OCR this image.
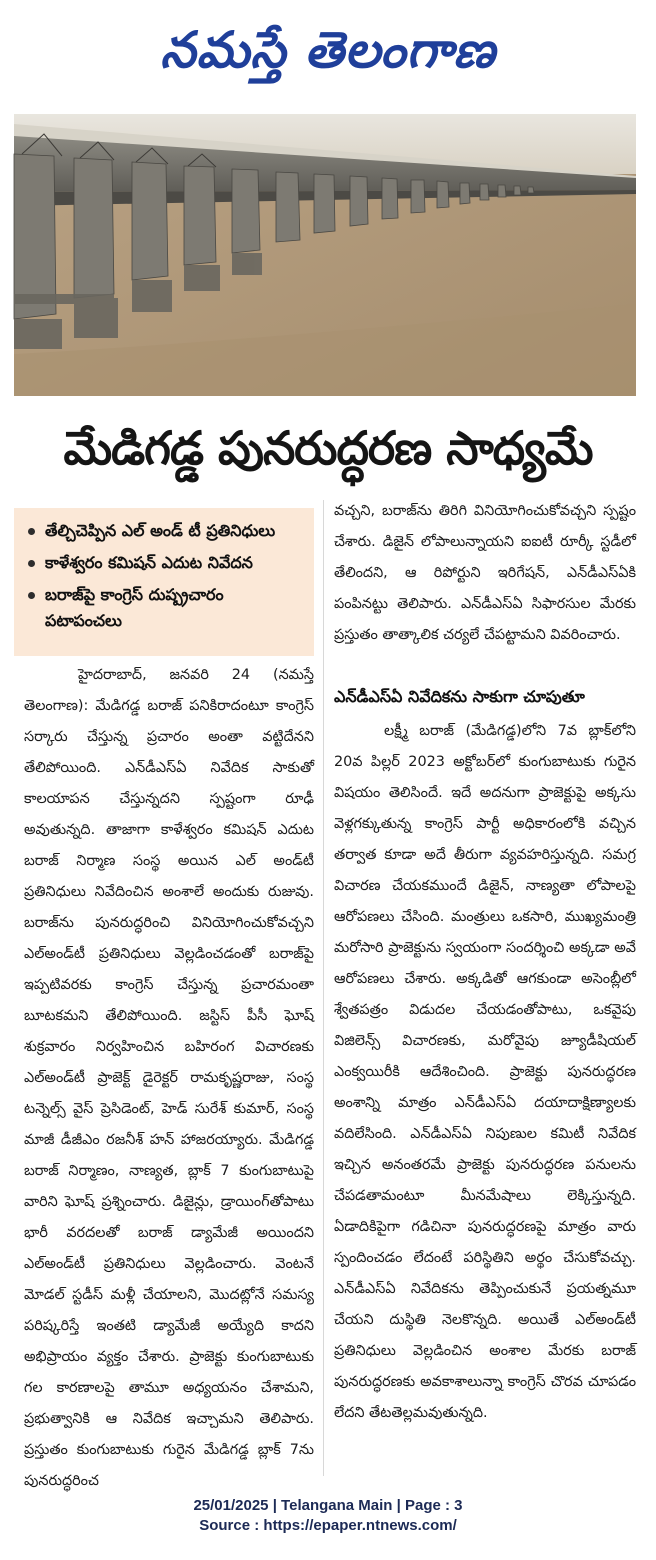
నమస్తే తెలంగాణ
మేడిగడ్డ పునరుద్ధరణ సాధ్యమే
తేల్చిచెప్పిన ఎల్‌ అండ్‌ టీ ప్రతినిధులు
కాళేశ్వరం కమిషన్‌ ఎదుట నివేదన
బరాజ్‌పై కాంగ్రెస్‌ దుష్ప్రచారం పటాపంచలు

హైదరాబాద్‌, జనవరి 24 (నమస్తే తెలంగాణ): మేడిగడ్డ బరాజ్‌ పనికిరాదంటూ కాంగ్రెస్‌ సర్కారు చేస్తున్న ప్రచారం అంతా వట్టిదేనని తేలిపోయింది. ఎన్‌డీఎస్‌ఏ నివేదిక సాకుతో కాలయాపన చేస్తున్నదని స్పష్టంగా రూఢీ అవుతున్నది. తాజాగా కాళేశ్వరం కమిషన్‌ ఎదుట బరాజ్‌ నిర్మాణ సంస్థ అయిన ఎల్‌ అండ్‌టీ ప్రతినిధులు నివేదించిన అంశాలే అందుకు రుజువు. బరాజ్‌ను పునరుద్ధరించి వినియోగించుకోవచ్చని ఎల్‌అండ్‌టీ ప్రతినిధులు వెల్లడించడంతో బరాజ్‌పై ఇప్పటివరకు కాంగ్రెస్‌ చేస్తున్న ప్రచారమంతా బూటకమని తేలిపోయింది. జస్టిస్‌ పీసీ ఘోష్‌ శుక్రవారం నిర్వహించిన బహిరంగ విచారణకు ఎల్‌అండ్‌టీ ప్రాజెక్ట్‌ డైరెక్టర్‌ రామకృష్ణరాజు, సంస్థ టన్నెల్స్‌ వైస్‌ ప్రెసిడెంట్‌, హెడ్‌ సురేశ్‌ కుమార్‌, సంస్థ మాజీ డీజీఎం రజనీశ్‌ హన్‌ హాజరయ్యారు. మేడిగడ్డ బరాజ్‌ నిర్మాణం, నాణ్యత, బ్లాక్‌ 7 కుంగుబాటుపై వారిని ఘోష్‌ ప్రశ్నించారు. డిజైన్లు, డ్రాయింగ్‌తోపాటు భారీ వరదలతో బరాజ్‌ డ్యామేజీ అయిందని ఎల్‌అండ్‌టీ ప్రతినిధులు వెల్లడించారు. వెంటనే మోడల్‌ స్టడీస్‌ మళ్లీ చేయాలని, మొదట్లోనే సమస్య పరిష్కరిస్తే ఇంతటి డ్యామేజీ అయ్యేది కాదని అభిప్రాయం వ్యక్తం చేశారు. ప్రాజెక్టు కుంగుబాటుకు గల కారణాలపై తామూ అధ్యయనం చేశామని, ప్రభుత్వానికి ఆ నివేదిక ఇచ్చామని తెలిపారు. ప్రస్తుతం కుంగుబాటుకు గురైన మేడిగడ్డ బ్లాక్‌ 7ను పునరుద్ధరించ

వచ్చని, బరాజ్‌ను తిరిగి వినియోగించుకోవచ్చని స్పష్టం చేశారు. డిజైన్‌ లోపాలున్నాయని ఐఐటీ రూర్కీ స్టడీలో తేలిందని, ఆ రిపోర్టుని ఇరిగేషన్‌, ఎన్‌డీఎస్‌ఏకి పంపినట్టు తెలిపారు. ఎన్‌డీఎస్‌ఏ సిఫారసుల మేరకు ప్రస్తుతం తాత్కాలిక చర్యలే చేపట్టామని వివరించారు.
ఎన్‌డీఎస్‌ఏ నివేదికను సాకుగా చూపుతూ
లక్ష్మీ బరాజ్‌ (మేడిగడ్డ)లోని 7వ బ్లాక్‌లోని 20వ పిల్లర్‌ 2023 అక్టోబర్‌లో కుంగుబాటుకు గురైన విషయం తెలిసిందే. ఇదే అదనుగా ప్రాజెక్టుపై అక్కసు వెళ్లగక్కుతున్న కాంగ్రెస్‌ పార్టీ అధికారంలోకి వచ్చిన తర్వాత కూడా అదే తీరుగా వ్యవహరిస్తున్నది. సమగ్ర విచారణ చేయకముందే డిజైన్‌, నాణ్యతా లోపాలపై ఆరోపణలు చేసింది. మంత్రులు ఒకసారి, ముఖ్యమంత్రి మరోసారి ప్రాజెక్టును స్వయంగా సందర్శించి అక్కడా అవే ఆరోపణలు చేశారు. అక్కడితో ఆగకుండా అసెంబ్లీలో శ్వేతపత్రం విడుదల చేయడంతోపాటు, ఒకవైపు విజిలెన్స్‌ విచారణకు, మరోవైపు జ్యూడీషియల్‌ ఎంక్వయిరీకి ఆదేశించింది. ప్రాజెక్టు పునరుద్ధరణ అంశాన్ని మాత్రం ఎన్‌డీఎస్‌ఏ దయాదాక్షిణ్యాలకు వదిలేసింది. ఎన్‌డీఎస్‌ఏ నిపుణుల కమిటీ నివేదిక ఇచ్చిన అనంతరమే ప్రాజెక్టు పునరుద్ధరణ పనులను చేపడతామంటూ మీనమేషాలు లెక్కిస్తున్నది. ఏడాదికిపైగా గడిచినా పునరుద్ధరణపై మాత్రం వారు స్పందించడం లేదంటే పరిస్థితిని అర్థం చేసుకోవచ్చు. ఎన్‌డీఎస్‌ఏ నివేదికను తెప్పించుకునే ప్రయత్నమూ చేయని దుస్థితి నెలకొన్నది. అయితే ఎల్‌అండ్‌టీ ప్రతినిధులు వెల్లడించిన అంశాల మేరకు బరాజ్‌ పునరుద్ధరణకు అవకాశాలున్నా కాంగ్రెస్‌ చొరవ చూపడం లేదని తేటతెల్లమవుతున్నది.
25/01/2025 | Telangana Main | Page : 3
Source : https://epaper.ntnews.com/
